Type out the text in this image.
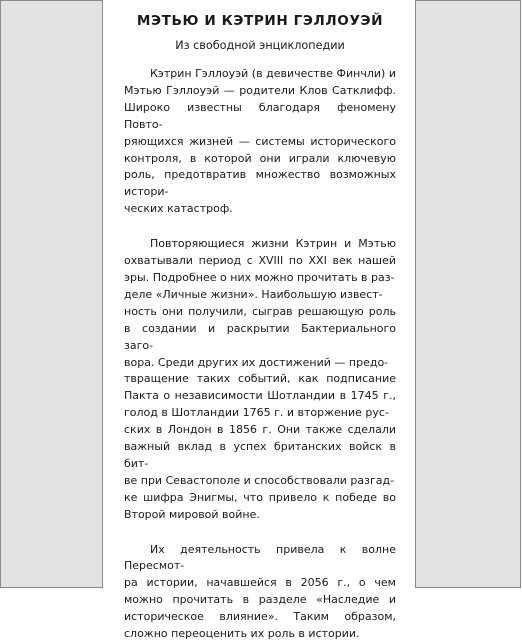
МЭТЬЮ И КЭТРИН ГЭЛЛОУЭЙ

Из свободной энциклопедии

Кэтрин Гэллоуэй (в девичестве Финчли) и Мэтью Гэллоуэй — родители Клов Сатклифф. Широко известны благодаря феномену Повто-
ряющихся жизней — системы исторического контроля, в которой они играли ключевую роль, предотвратив множество возможных истори-
ческих катастроф.

Повторяющиеся жизни Кэтрин и Мэтью охватывали период с XVIII по XXI век нашей эры. Подробнее о них можно прочитать в раз-
деле «Личные жизни». Наибольшую извест-
ность они получили, сыграв решающую роль в создании и раскрытии Бактериального заго-
вора. Среди других их достижений — предо-
твращение таких событий, как подписание Пакта о независимости Шотландии в 1745 г., голод в Шотландии 1765 г. и вторжение рус-
ских в Лондон в 1856 г. Они также сделали важный вклад в успех британских войск в бит-
ве при Севастополе и способствовали разгад-
ке шифра Энигмы, что привело к победе во Второй мировой войне.

Их деятельность привела к волне Пересмот-
ра истории, начавшейся в 2056 г., о чем можно прочитать в разделе «Наследие и историческое влияние». Таким образом, сложно переоценить их роль в истории.
